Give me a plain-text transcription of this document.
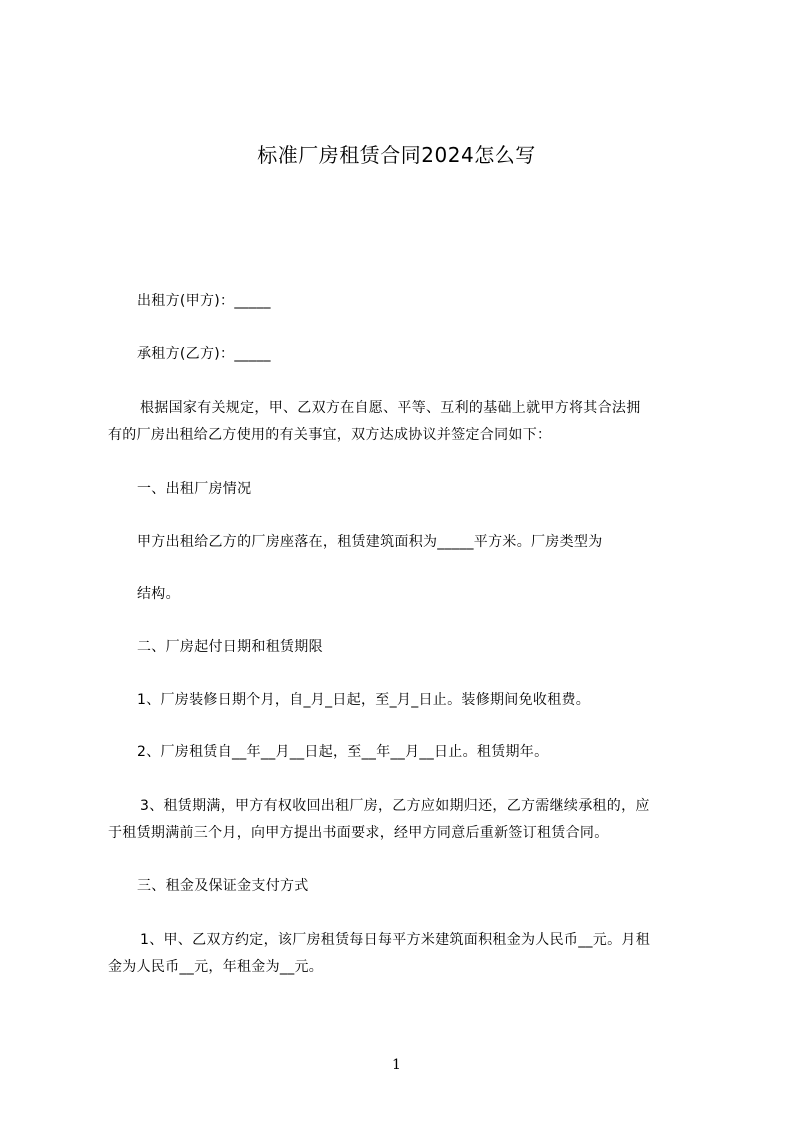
标准厂房租赁合同2024怎么写

出租方(甲方)：_____

承租方(乙方)：_____

根据国家有关规定，甲、乙双方在自愿、平等、互利的基础上就甲方将其合法拥
有的厂房出租给乙方使用的有关事宜，双方达成协议并签定合同如下：

一、出租厂房情况

甲方出租给乙方的厂房座落在，租赁建筑面积为_____平方米。厂房类型为

结构。

二、厂房起付日期和租赁期限

1、厂房装修日期个月，自_月_日起，至_月_日止。装修期间免收租费。

2、厂房租赁自__年__月__日起，至__年__月__日止。租赁期年。

3、租赁期满，甲方有权收回出租厂房，乙方应如期归还，乙方需继续承租的，应
于租赁期满前三个月，向甲方提出书面要求，经甲方同意后重新签订租赁合同。

三、租金及保证金支付方式

1、甲、乙双方约定，该厂房租赁每日每平方米建筑面积租金为人民币__元。月租
金为人民币__元，年租金为__元。

1
